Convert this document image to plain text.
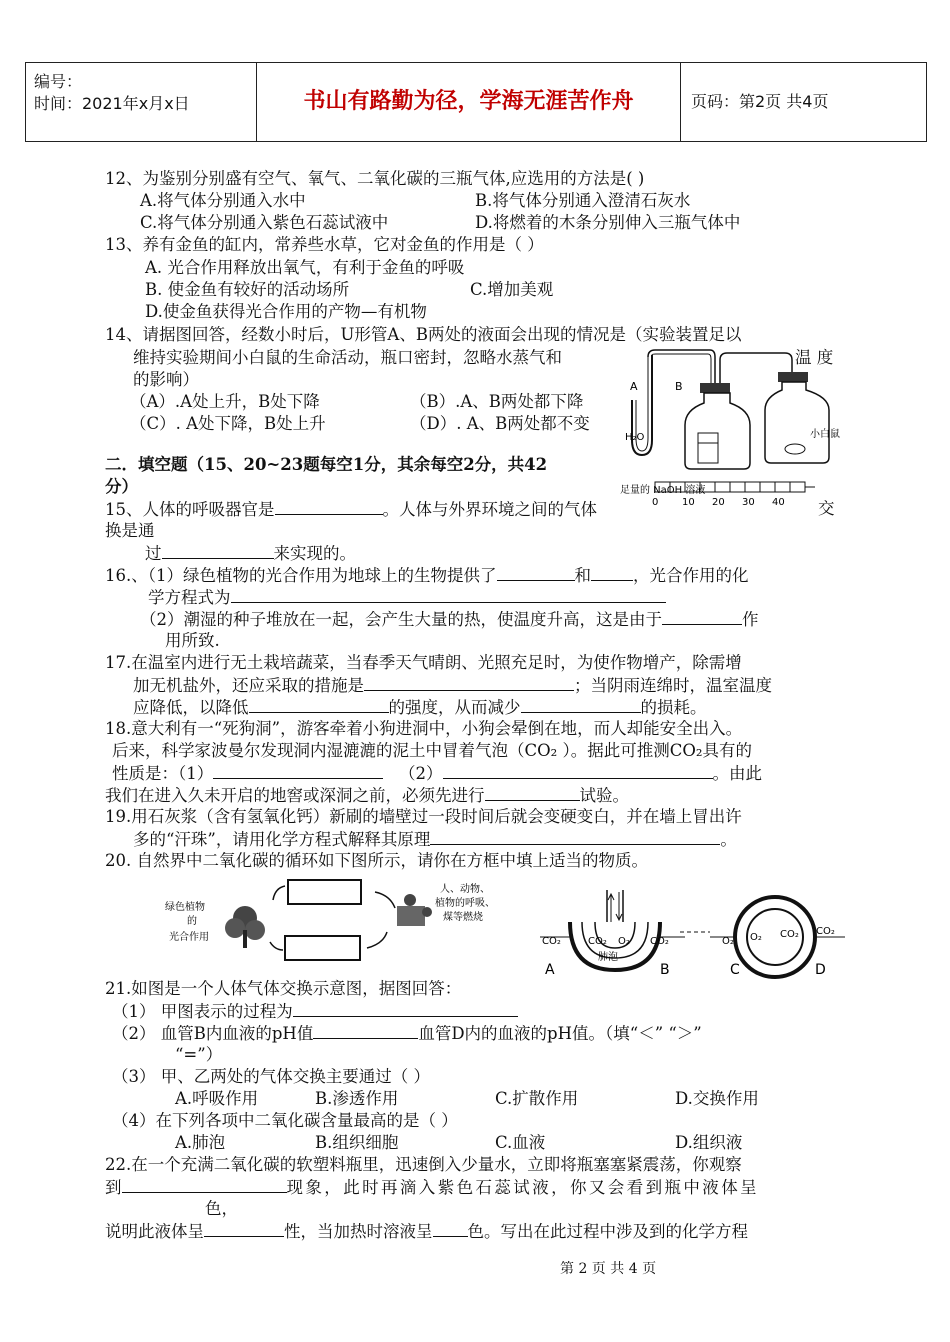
编号：
时间：2021年x月x日	书山有路勤为径，学海无涯苦作舟	页码：第2页 共4页
12、为鉴别分别盛有空气、氧气、二氧化碳的三瓶气体,应选用的方法是( )
A.将气体分别通入水中	B.将气体分别通入澄清石灰水
C.将气体分别通入紫色石蕊试液中	D.将燃着的木条分别伸入三瓶气体中
13、养有金鱼的缸内，常养些水草，它对金鱼的作用是（ ）
A. 光合作用释放出氧气，有利于金鱼的呼吸
B. 使金鱼有较好的活动场所	C.增加美观
D.使金鱼获得光合作用的产物—有机物
14、请据图回答，经数小时后，U形管A、B两处的液面会出现的情况是（实验装置足以
维持实验期间小白鼠的生命活动，瓶口密封，忽略水蒸气和	温 度
的影响）
（A）.A处上升，B处下降	（B）.A、B两处都下降
（C）. A处下降，B处上升	（D）. A、B两处都不变
A	B
H₂O	小白鼠
足量的 NaOH 溶液
0 10 20 30 40
二．填空题（15、20~23题每空1分，其余每空2分，共42
分）
15、人体的呼吸器官是	。人体与外界环境之间的气体	交
换是通
过	来实现的。
16.、（1）绿色植物的光合作用为地球上的生物提供了	和	，光合作用的化
学方程式为
（2）潮湿的种子堆放在一起，会产生大量的热，使温度升高，这是由于	作
用所致.
17.在温室内进行无土栽培蔬菜，当春季天气晴朗、光照充足时，为使作物增产，除需增
加无机盐外，还应采取的措施是	；当阴雨连绵时，温室温度
应降低，以降低	的强度，从而减少	的损耗。
18.意大利有一“死狗洞”，游客牵着小狗进洞中，小狗会晕倒在地，而人却能安全出入。
后来，科学家波曼尔发现洞内湿漉漉的泥土中冒着气泡（CO₂ ）。据此可推测CO₂具有的
性质是：（1）	（2）	。由此
我们在进入久未开启的地窖或深洞之前，必须先进行	试验。
19.用石灰浆（含有氢氧化钙）新刷的墙壁过一段时间后就会变硬变白，并在墙上冒出许
多的“汗珠”，请用化学方程式解释其原理	。
20. 自然界中二氧化碳的循环如下图所示，请你在方框中填上适当的物质。
绿色植物
的
光合作用
人、动物、
植物的呼吸、
煤等燃烧
CO₂	CO₂ O₂ CO₂
肺泡
A	B
O₂ O₂ CO₂ CO₂
C	D
21.如图是一个人体气体交换示意图，据图回答：
（1） 甲图表示的过程为
（2） 血管B内血液的pH值	血管D内的血液的pH值。（填“＜” “＞”
“=”）
（3） 甲、乙两处的气体交换主要通过（ ）
A.呼吸作用	B.渗透作用	C.扩散作用	D.交换作用
（4）在下列各项中二氧化碳含量最高的是（ ）
A.肺泡	B.组织细胞	C.血液	D.组织液
22.在一个充满二氧化碳的软塑料瓶里，迅速倒入少量水，立即将瓶塞塞紧震荡，你观察
到	现象，此时再滴入紫色石蕊试液，你又会看到瓶中液体呈
色，
说明此液体呈	性，当加热时溶液呈 色。写出在此过程中涉及到的化学方程
第 2 页 共 4 页
